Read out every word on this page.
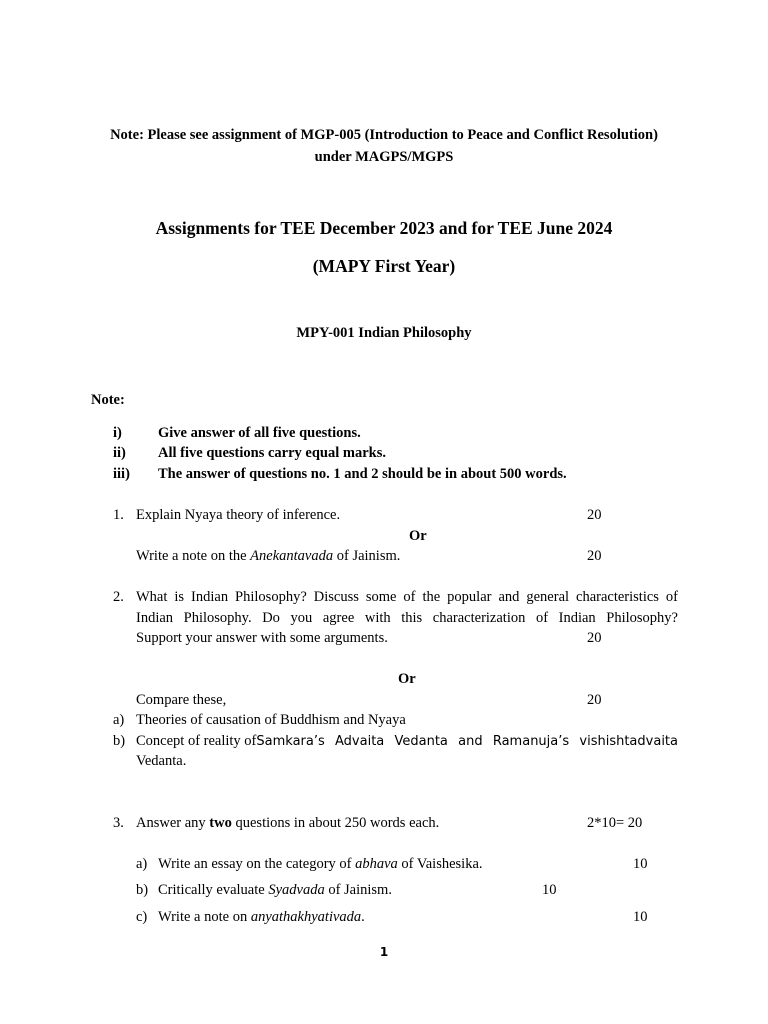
Note: Please see assignment of MGP-005 (Introduction to Peace and Conflict Resolution)
under MAGPS/MGPS
Assignments for TEE December 2023 and for TEE June 2024
(MAPY First Year)
MPY-001 Indian Philosophy
Note:
i) Give answer of all five questions.
ii) All five questions carry equal marks.
iii) The answer of questions no. 1 and 2 should be in about 500 words.
1. Explain Nyaya theory of inference.	20
Or
Write a note on the Anekantavada of Jainism.	20
2. What is Indian Philosophy? Discuss some of the popular and general characteristics of
Indian Philosophy. Do you agree with this characterization of Indian Philosophy?
Support your answer with some arguments.	20
Or
Compare these,	20
a) Theories of causation of Buddhism and Nyaya
b) Concept of reality of Samkara’s Advaita Vedanta and Ramanuja’s vishishtadvaita
Vedanta.
3. Answer any two questions in about 250 words each.	2*10= 20
a) Write an essay on the category of abhava of Vaishesika.	10
b) Critically evaluate Syadvada of Jainism.	10
c) Write a note on anyathakhyativada.	10
1
